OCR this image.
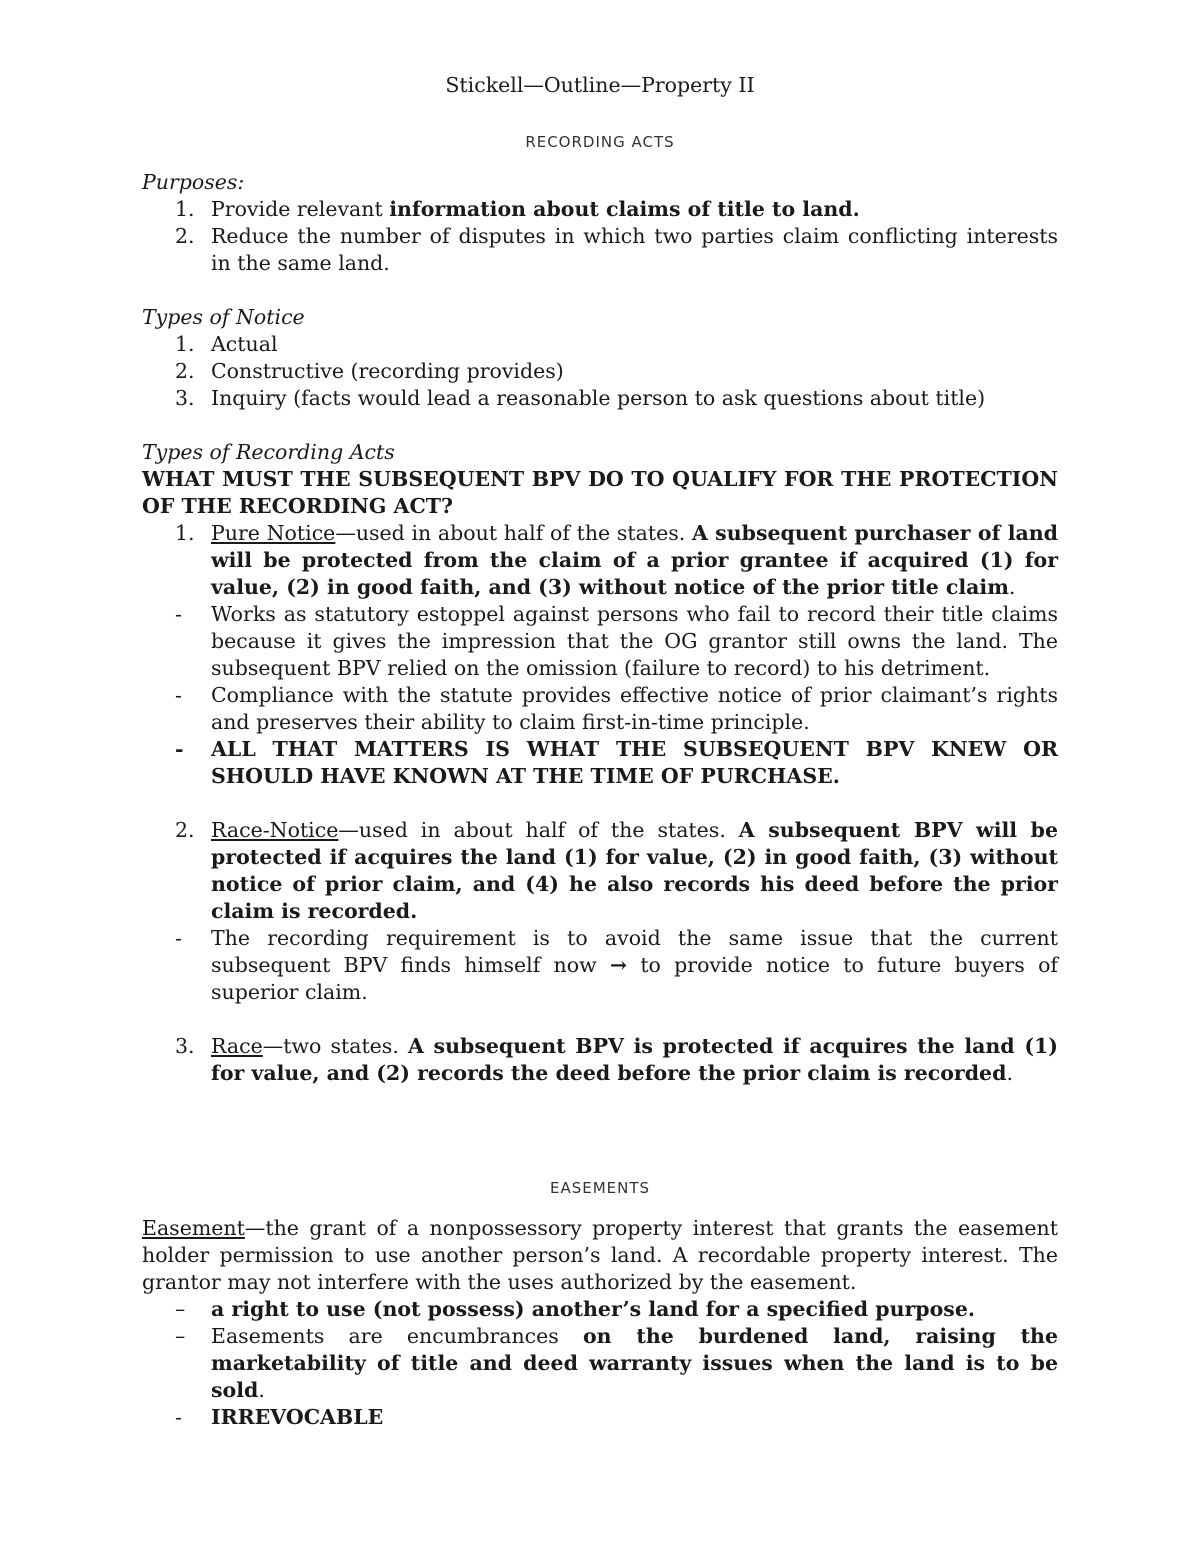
Stickell—Outline—Property II
RECORDING ACTS
Purposes:
1. Provide relevant information about claims of title to land.
2. Reduce the number of disputes in which two parties claim conflicting interests in the same land.
Types of Notice
1. Actual
2. Constructive (recording provides)
3. Inquiry (facts would lead a reasonable person to ask questions about title)
Types of Recording Acts
WHAT MUST THE SUBSEQUENT BPV DO TO QUALIFY FOR THE PROTECTION OF THE RECORDING ACT?
1. Pure Notice—used in about half of the states. A subsequent purchaser of land will be protected from the claim of a prior grantee if acquired (1) for value, (2) in good faith, and (3) without notice of the prior title claim.
- Works as statutory estoppel against persons who fail to record their title claims because it gives the impression that the OG grantor still owns the land. The subsequent BPV relied on the omission (failure to record) to his detriment.
- Compliance with the statute provides effective notice of prior claimant’s rights and preserves their ability to claim first-in-time principle.
- ALL THAT MATTERS IS WHAT THE SUBSEQUENT BPV KNEW OR SHOULD HAVE KNOWN AT THE TIME OF PURCHASE.
2. Race-Notice—used in about half of the states. A subsequent BPV will be protected if acquires the land (1) for value, (2) in good faith, (3) without notice of prior claim, and (4) he also records his deed before the prior claim is recorded.
- The recording requirement is to avoid the same issue that the current subsequent BPV finds himself now → to provide notice to future buyers of superior claim.
3. Race—two states. A subsequent BPV is protected if acquires the land (1) for value, and (2) records the deed before the prior claim is recorded.
EASEMENTS
Easement—the grant of a nonpossessory property interest that grants the easement holder permission to use another person’s land. A recordable property interest. The grantor may not interfere with the uses authorized by the easement.
– a right to use (not possess) another’s land for a specified purpose.
– Easements are encumbrances on the burdened land, raising the marketability of title and deed warranty issues when the land is to be sold.
- IRREVOCABLE
